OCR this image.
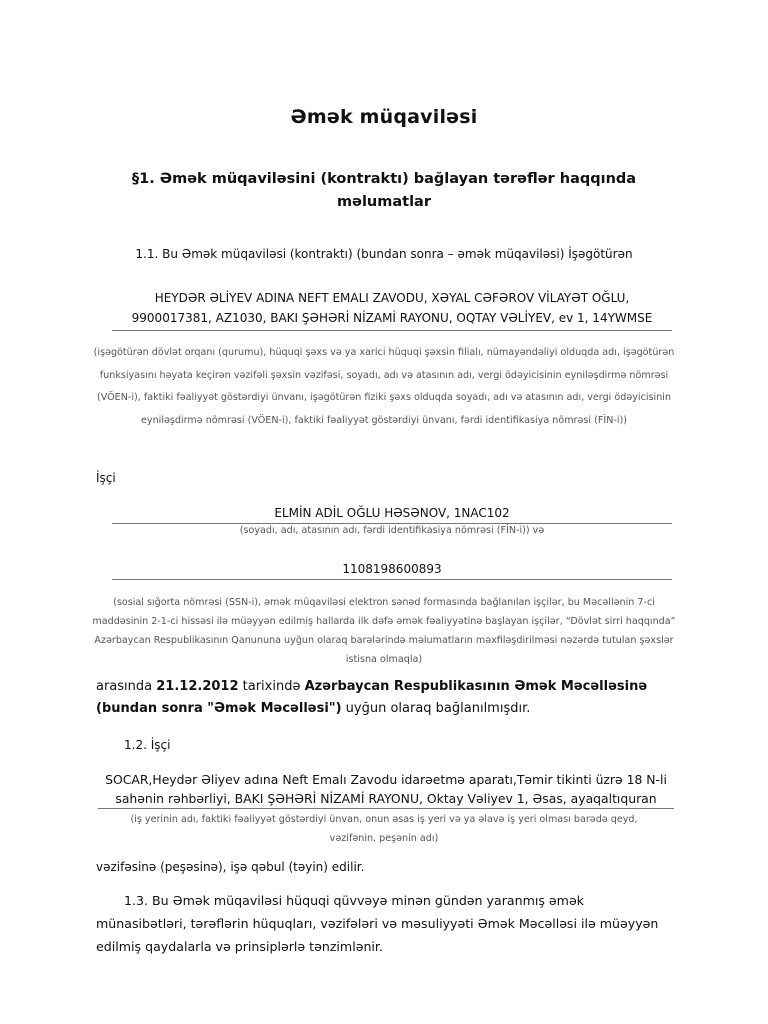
Əmək müqaviləsi
§1. Əmək müqaviləsini (kontraktı) bağlayan tərəflər haqqında məlumatlar
1.1. Bu Əmək müqaviləsi (kontraktı) (bundan sonra – əmək müqaviləsi) İşəgötürən
HEYDƏR ƏLİYEV ADINA NEFT EMALI ZAVODU, XƏYAL CƏFƏROV VİLAYƏT OĞLU,
9900017381, AZ1030, BAKI ŞƏHƏRİ NİZAMİ RAYONU, OQTAY VƏLİYEV, ev 1, 14YWMSE
(işəgötürən dövlət orqanı (qurumu), hüquqi şəxs və ya xarici hüquqi şəxsin filialı, nümayəndəliyi olduqda adı, işəgötürən funksiyasını həyata keçirən vəzifəli şəxsin vəzifəsi, soyadı, adı və atasının adı, vergi ödəyicisinin eyniləşdirmə nömrəsi (VÖEN-i), faktiki fəaliyyət göstərdiyi ünvanı, işəgötürən fiziki şəxs olduqda soyadı, adı və atasının adı, vergi ödəyicisinin eyniləşdirmə nömrəsi (VÖEN-i), faktiki fəaliyyət göstərdiyi ünvanı, fərdi identifikasiya nömrəsi (FİN-i))
İşçi
ELMİN ADİL OĞLU HƏSƏNOV, 1NAC102
(soyadı, adı, atasının adı, fərdi identifikasiya nömrəsi (FİN-i)) və
1108198600893
(sosial sığorta nömrəsi (SSN-i), əmək müqaviləsi elektron sənəd formasında bağlanılan işçilər, bu Məcəllənin 7-ci maddəsinin 2-1-ci hissəsi ilə müəyyən edilmiş hallarda ilk dəfə əmək fəaliyyətinə başlayan işçilər, “Dövlət sirri haqqında” Azərbaycan Respublikasının Qanununa uyğun olaraq barələrində məlumatların məxfiləşdirilməsi nəzərdə tutulan şəxslər istisna olmaqla)
arasında 21.12.2012 tarixində Azərbaycan Respublikasının Əmək Məcəlləsinə (bundan sonra "Əmək Məcəlləsi") uyğun olaraq bağlanılmışdır.
1.2. İşçi
SOCAR,Heydər Əliyev adına Neft Emalı Zavodu idarəetmə aparatı,Təmir tikinti üzrə 18 N-li sahənin rəhbərliyi, BAKI ŞƏHƏRİ NİZAMİ RAYONU, Oktay Vəliyev 1, Əsas, ayaqaltıquran
(iş yerinin adı, faktiki fəaliyyət göstərdiyi ünvan, onun əsas iş yeri və ya əlavə iş yeri olması barədə qeyd, vəzifənin, peşənin adı)
vəzifəsinə (peşəsinə), işə qəbul (təyin) edilir.
1.3. Bu Əmək müqaviləsi hüquqi qüvvəyə minən gündən yaranmış əmək münasibətləri, tərəflərin hüquqları, vəzifələri və məsuliyyəti Əmək Məcəlləsi ilə müəyyən edilmiş qaydalarla və prinsiplərlə tənzimlənir.
